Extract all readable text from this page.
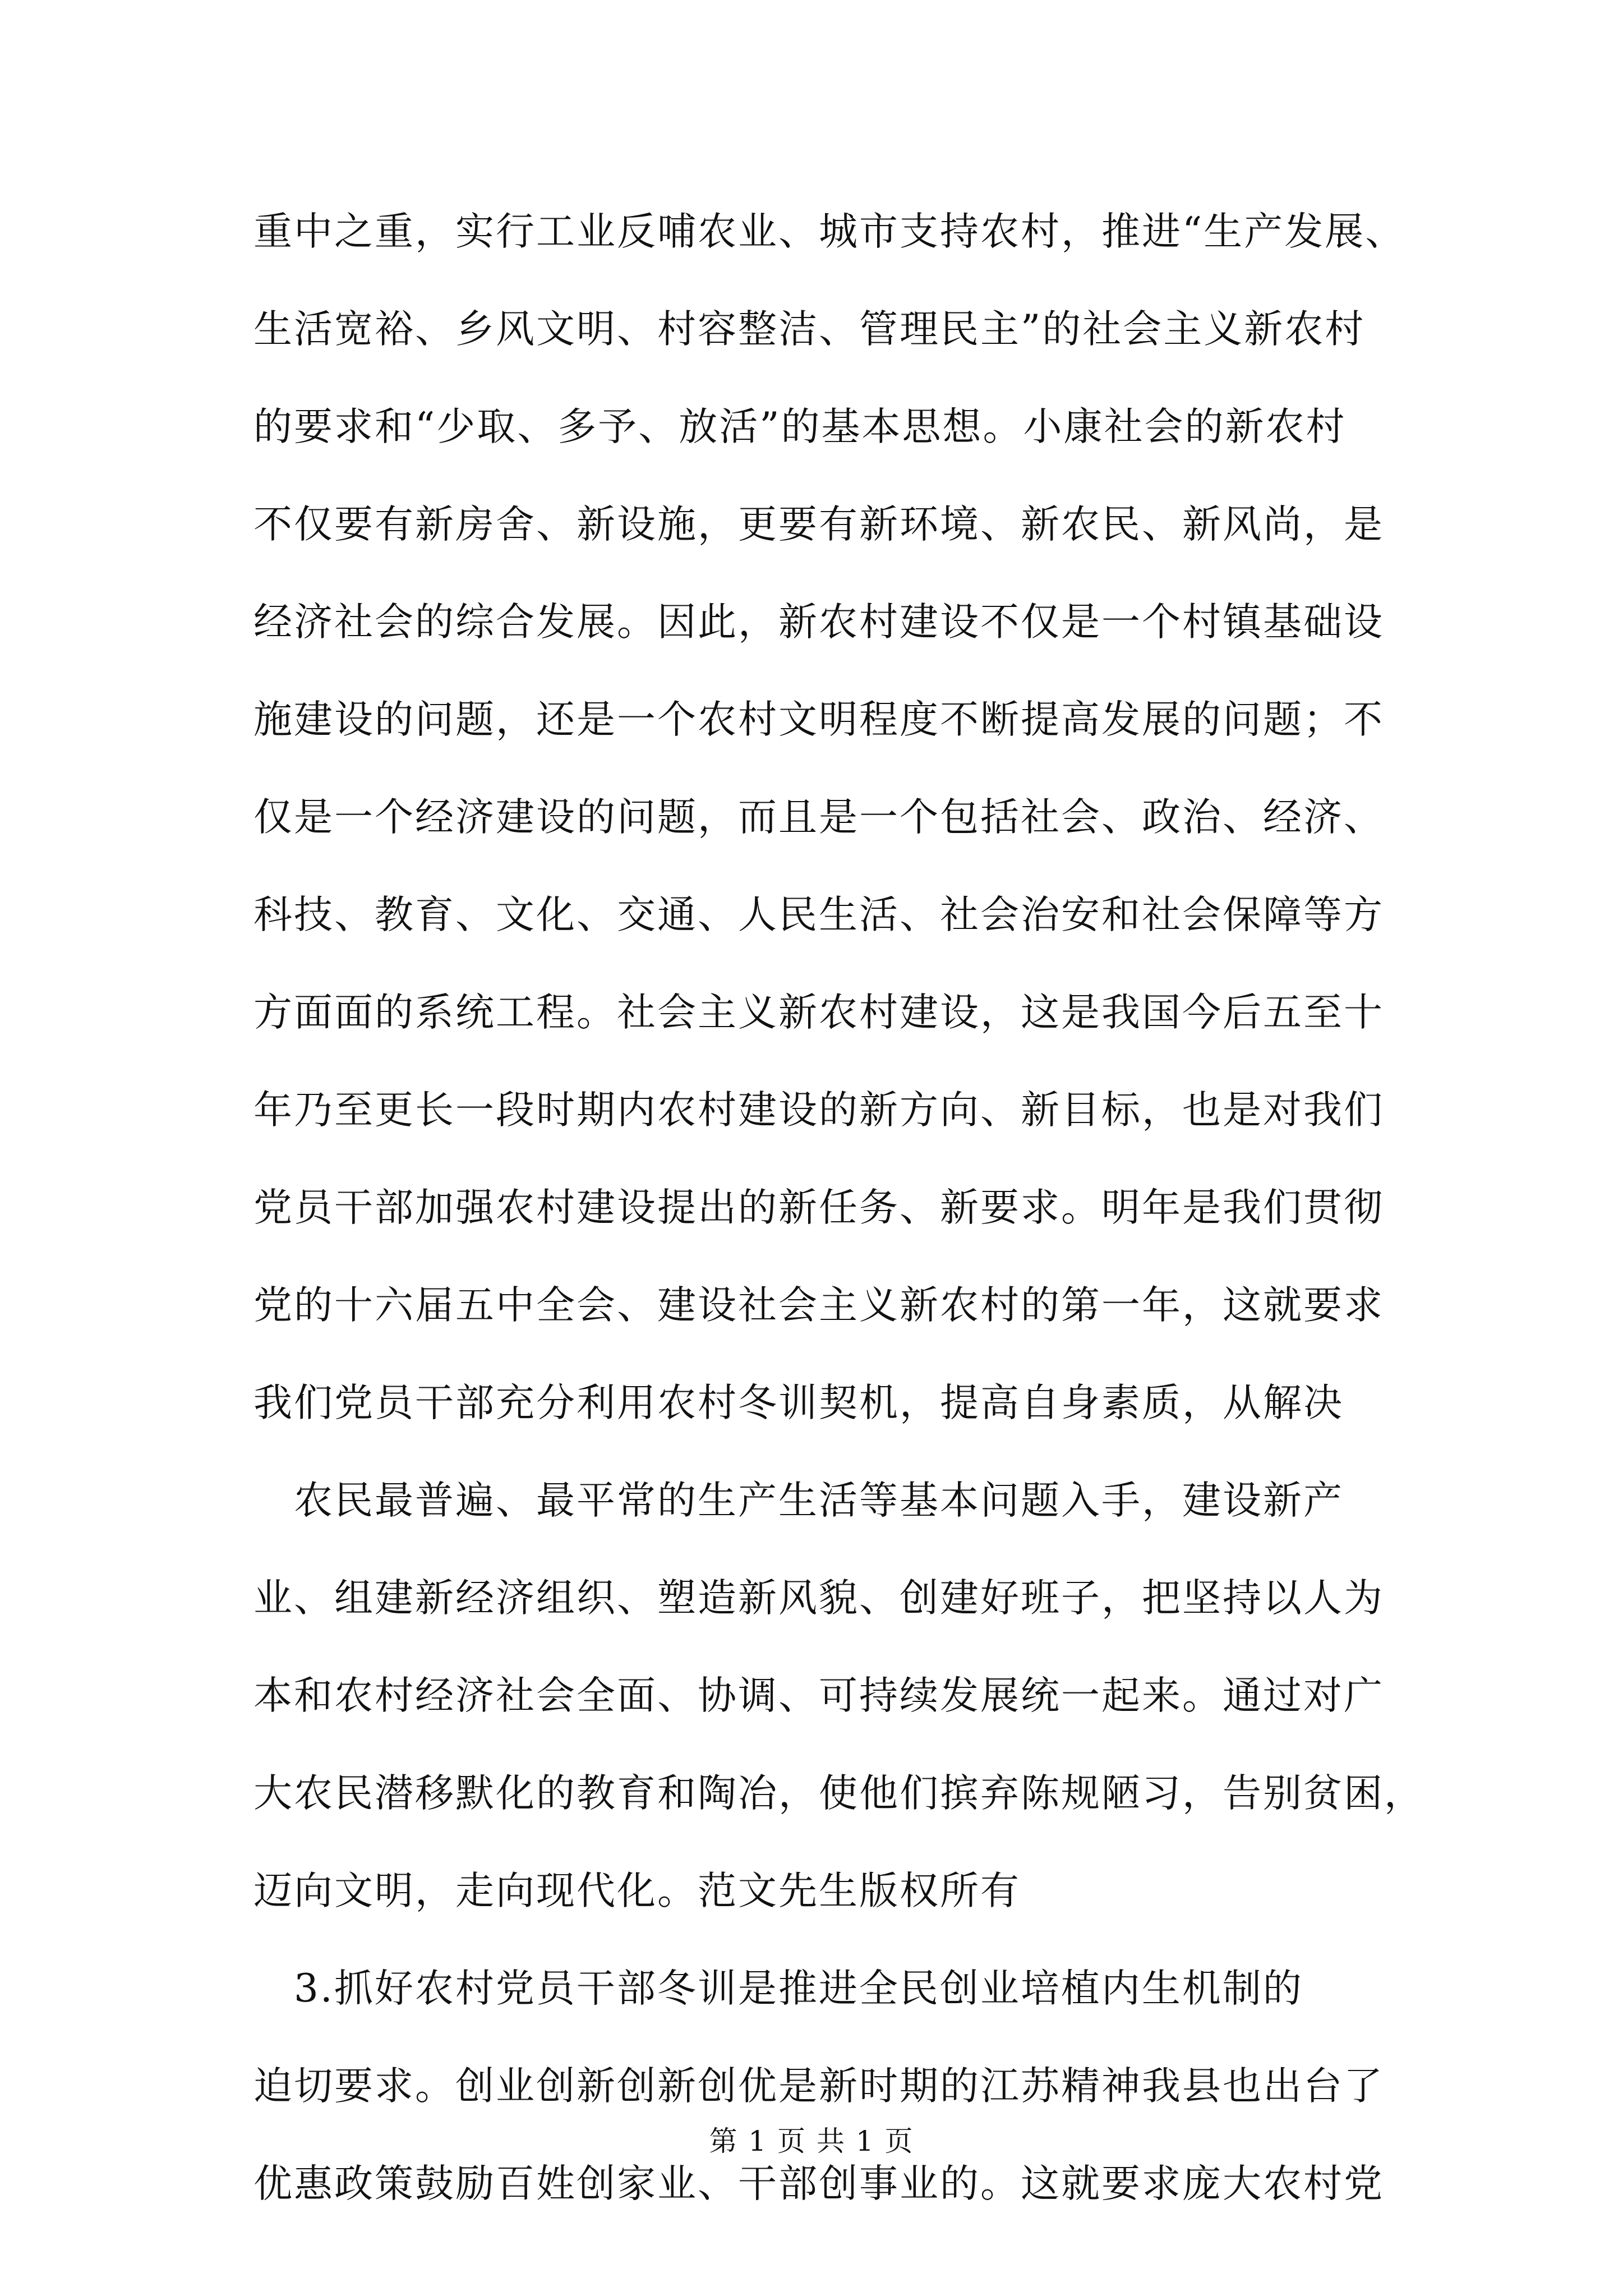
重中之重，实行工业反哺农业、城市支持农村，推进“生产发展、
生活宽裕、乡风文明、村容整洁、管理民主”的社会主义新农村
的要求和“少取、多予、放活”的基本思想。小康社会的新农村
不仅要有新房舍、新设施，更要有新环境、新农民、新风尚，是
经济社会的综合发展。因此，新农村建设不仅是一个村镇基础设
施建设的问题，还是一个农村文明程度不断提高发展的问题；不
仅是一个经济建设的问题，而且是一个包括社会、政治、经济、
科技、教育、文化、交通、人民生活、社会治安和社会保障等方
方面面的系统工程。社会主义新农村建设，这是我国今后五至十
年乃至更长一段时期内农村建设的新方向、新目标，也是对我们
党员干部加强农村建设提出的新任务、新要求。明年是我们贯彻
党的十六届五中全会、建设社会主义新农村的第一年，这就要求
我们党员干部充分利用农村冬训契机，提高自身素质，从解决
　农民最普遍、最平常的生产生活等基本问题入手，建设新产
业、组建新经济组织、塑造新风貌、创建好班子，把坚持以人为
本和农村经济社会全面、协调、可持续发展统一起来。通过对广
大农民潜移默化的教育和陶冶，使他们摈弃陈规陋习，告别贫困，
迈向文明，走向现代化。范文先生版权所有
　3.抓好农村党员干部冬训是推进全民创业培植内生机制的
迫切要求。创业创新创新创优是新时期的江苏精神我县也出台了
优惠政策鼓励百姓创家业、干部创事业的。这就要求庞大农村党
第 1 页 共 1 页
